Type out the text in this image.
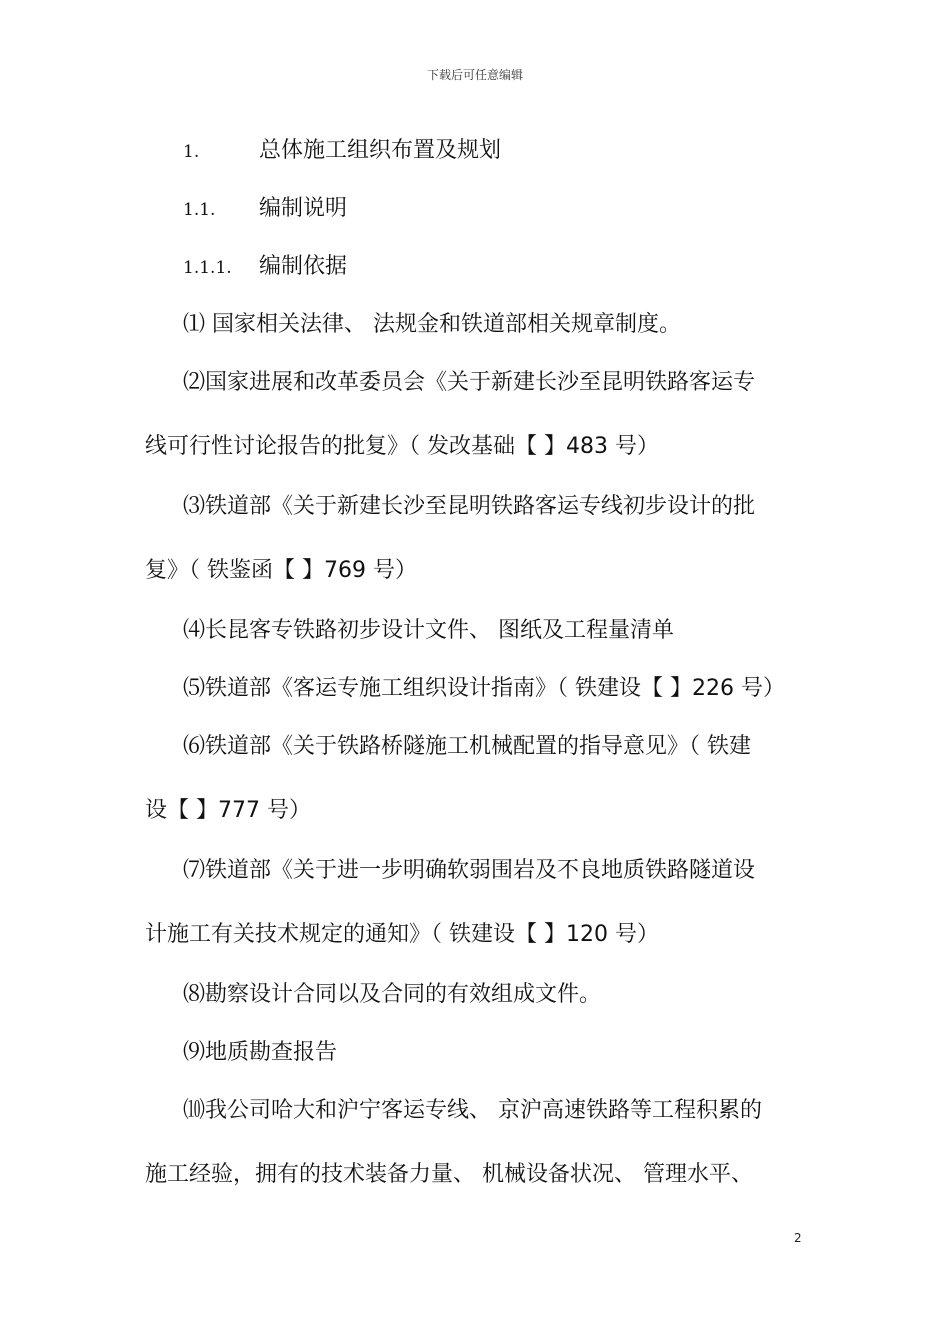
下载后可任意编辑
1.	总体施工组织布置及规划
1.1. 编制说明
1.1.1. 编制依据
⑴ 国家相关法律、 法规金和铁道部相关规章制度。
⑵国家进展和改革委员会《关于新建长沙至昆明铁路客运专
线可行性讨论报告的批复》（ 发改基础【 】483 号）
⑶铁道部《关于新建长沙至昆明铁路客运专线初步设计的批
复》（ 铁鉴函【 】769 号）
⑷长昆客专铁路初步设计文件、 图纸及工程量清单
⑸铁道部《客运专施工组织设计指南》（ 铁建设【 】226 号）
⑹铁道部《关于铁路桥隧施工机械配置的指导意见》（ 铁建
设【 】777 号）
⑺铁道部《关于进一步明确软弱围岩及不良地质铁路隧道设
计施工有关技术规定的通知》（ 铁建设【 】120 号）
⑻勘察设计合同以及合同的有效组成文件。
⑼地质勘查报告
⑽我公司哈大和沪宁客运专线、 京沪高速铁路等工程积累的
施工经验，拥有的技术装备力量、 机械设备状况、 管理水平、
2
